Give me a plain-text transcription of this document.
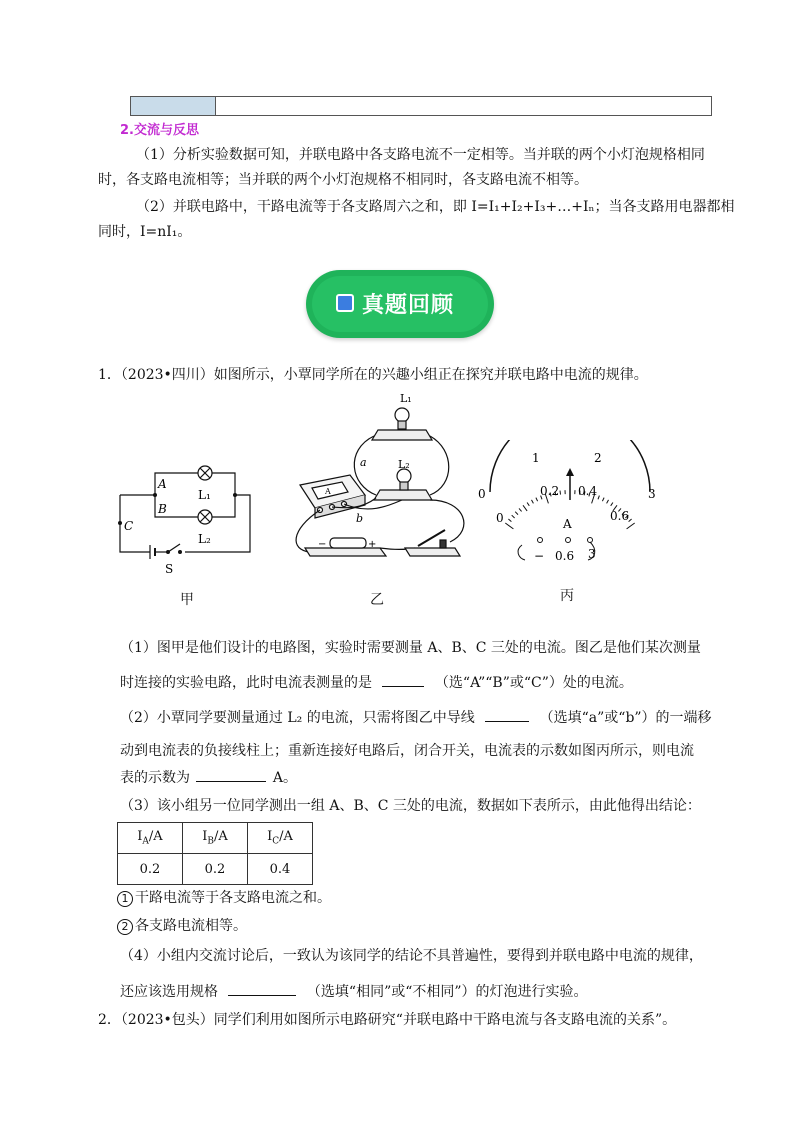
2.交流与反思
（1）分析实验数据可知，并联电路中各支路电流不一定相等。当并联的两个小灯泡规格相同
时，各支路电流相等；当并联的两个小灯泡规格不相同时，各支路电流不相等。
（2）并联电路中，干路电流等于各支路周六之和，即 I=I₁+I₂+I₃+…+Iₙ；当各支路用电器都相
同时，I=nI₁。
真题回顾
1．（2023•四川）如图所示，小覃同学所在的兴趣小组正在探究并联电路中电流的规律。
A
B
C
L₁
L₂
S
甲
L₁
L₂
a
b
A
−	+
乙
0
1	2
3
0
0.2 0.4
0.6
A
− 0.6 3
丙
（1）图甲是他们设计的电路图，实验时需要测量 A、B、C 三处的电流。图乙是他们某次测量
时连接的实验电路，此时电流表测量的是	（选“A”“B”或“C”）处的电流。
（2）小覃同学要测量通过 L₂ 的电流，只需将图乙中导线	（选填“a”或“b”）的一端移
动到电流表的负接线柱上；重新连接好电路后，闭合开关，电流表的示数如图丙所示，则电流
表的示数为	A。
（3）该小组另一位同学测出一组 A、B、C 三处的电流，数据如下表所示，由此他得出结论：
$I_A/A$	$I_B/A$	$I_C/A$
0.2	0.2	0.4
1 干路电流等于各支路电流之和。
2 各支路电流相等。
（4）小组内交流讨论后，一致认为该同学的结论不具普遍性，要得到并联电路中电流的规律，
还应该选用规格	（选填“相同”或“不相同”）的灯泡进行实验。
2．（2023•包头）同学们利用如图所示电路研究“并联电路中干路电流与各支路电流的关系”。
